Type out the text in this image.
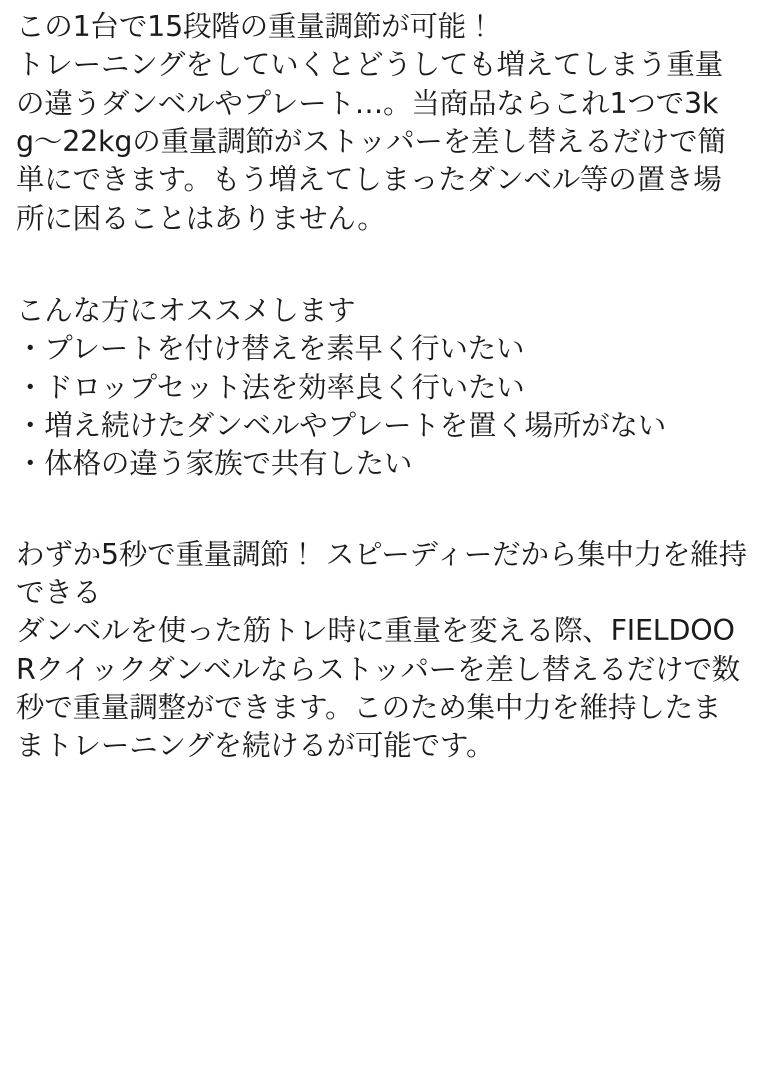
この1台で15段階の重量調節が可能！

トレーニングをしていくとどうしても増えてしまう重量の違うダンベルやプレート…。当商品ならこれ1つで3kg〜22kgの重量調節がストッパーを差し替えるだけで簡単にできます。もう増えてしまったダンベル等の置き場所に困ることはありません。

こんな方にオススメします

・プレートを付け替えを素早く行いたい
・ドロップセット法を効率良く行いたい
・増え続けたダンベルやプレートを置く場所がない
・体格の違う家族で共有したい

わずか5秒で重量調節！ スピーディーだから集中力を維持できる

ダンベルを使った筋トレ時に重量を変える際、FIELDOORクイックダンベルならストッパーを差し替えるだけで数秒で重量調整ができます。このため集中力を維持したままトレーニングを続けるが可能です。
